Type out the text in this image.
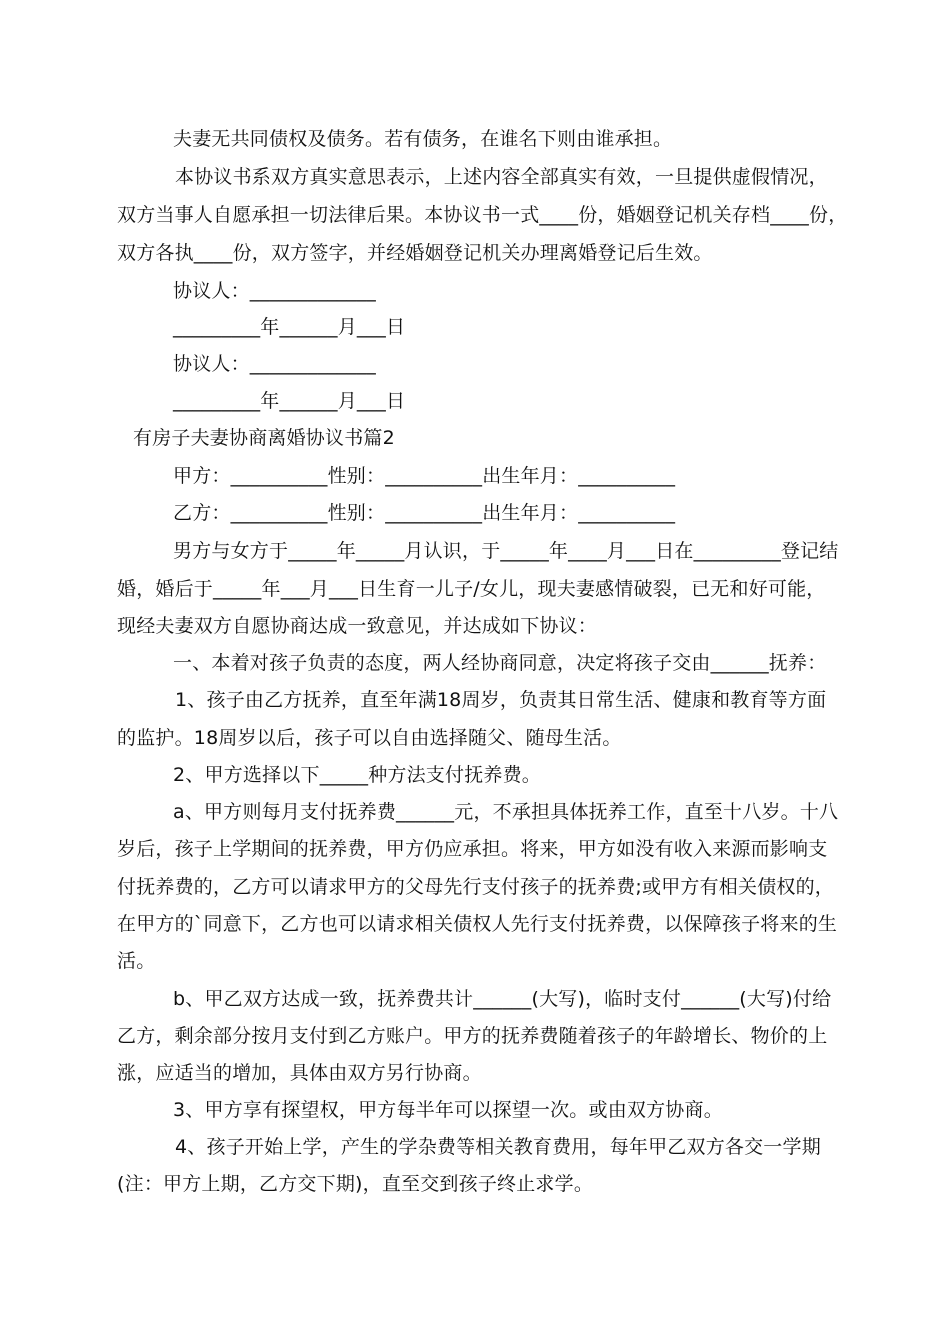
夫妻无共同债权及债务。若有债务，在谁名下则由谁承担。
本协议书系双方真实意思表示，上述内容全部真实有效，一旦提供虚假情况，
双方当事人自愿承担一切法律后果。本协议书一式____份，婚姻登记机关存档____份，
双方各执____份，双方签字，并经婚姻登记机关办理离婚登记后生效。
协议人：_____________
_________年______月___日
协议人：_____________
_________年______月___日
有房子夫妻协商离婚协议书篇2
甲方：__________性别：__________出生年月：__________
乙方：__________性别：__________出生年月：__________
男方与女方于_____年_____月认识，于_____年____月___日在_________登记结
婚，婚后于_____年___月___日生育一儿子/女儿，现夫妻感情破裂，已无和好可能，
现经夫妻双方自愿协商达成一致意见，并达成如下协议：
一、本着对孩子负责的态度，两人经协商同意，决定将孩子交由______抚养：
1、孩子由乙方抚养，直至年满18周岁，负责其日常生活、健康和教育等方面
的监护。18周岁以后，孩子可以自由选择随父、随母生活。
2、甲方选择以下_____种方法支付抚养费。
a、甲方则每月支付抚养费______元，不承担具体抚养工作，直至十八岁。十八
岁后，孩子上学期间的抚养费，甲方仍应承担。将来，甲方如没有收入来源而影响支
付抚养费的，乙方可以请求甲方的父母先行支付孩子的抚养费;或甲方有相关债权的，
在甲方的`同意下，乙方也可以请求相关债权人先行支付抚养费，以保障孩子将来的生
活。
b、甲乙双方达成一致，抚养费共计______(大写)，临时支付______(大写)付给
乙方，剩余部分按月支付到乙方账户。甲方的抚养费随着孩子的年龄增长、物价的上
涨，应适当的增加，具体由双方另行协商。
3、甲方享有探望权，甲方每半年可以探望一次。或由双方协商。
4、孩子开始上学，产生的学杂费等相关教育费用，每年甲乙双方各交一学期
(注：甲方上期，乙方交下期)，直至交到孩子终止求学。
